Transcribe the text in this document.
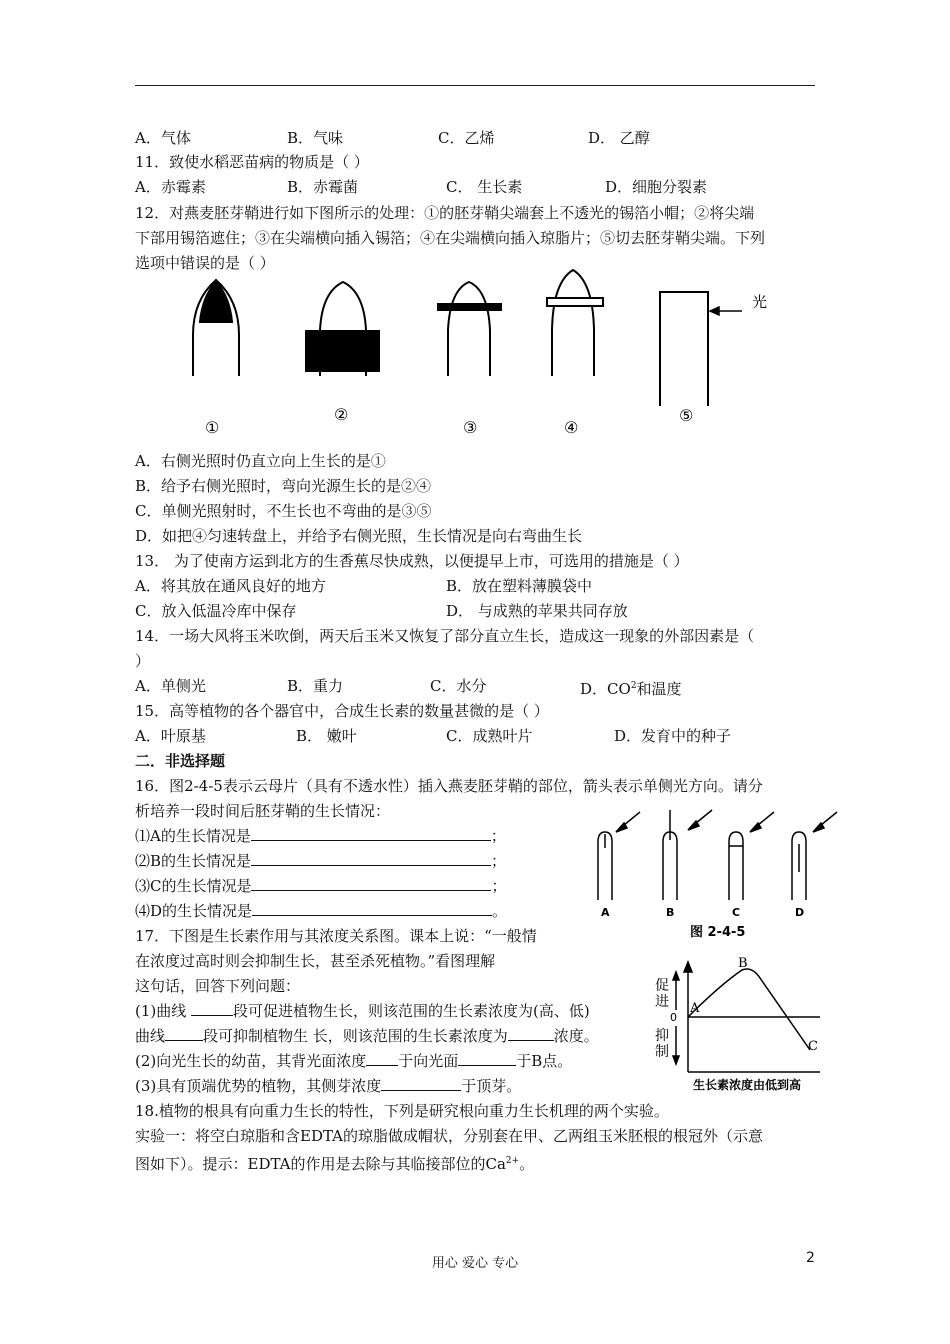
A．气体	B．气味	C．乙烯	D． 乙醇
11．致使水稻恶苗病的物质是（ ）
A．赤霉素	B．赤霉菌	C． 生长素	D．细胞分裂素
12．对燕麦胚芽鞘进行如下图所示的处理：①的胚芽鞘尖端套上不透光的锡箔小帽；②将尖端
下部用锡箔遮住；③在尖端横向插入锡箔；④在尖端横向插入琼脂片；⑤切去胚芽鞘尖端。下列
选项中错误的是（ ）
光
①
②
③	④
⑤
A．右侧光照时仍直立向上生长的是①
B．给予右侧光照时，弯向光源生长的是②④
C．单侧光照射时，不生长也不弯曲的是③⑤
D．如把④匀速转盘上，并给予右侧光照，生长情况是向右弯曲生长
13． 为了使南方运到北方的生香蕉尽快成熟，以便提早上市，可选用的措施是（ ）
A．将其放在通风良好的地方	B．放在塑料薄膜袋中
C．放入低温冷库中保存	D． 与成熟的苹果共同存放
14．一场大风将玉米吹倒，两天后玉米又恢复了部分直立生长，造成这一现象的外部因素是（
）
A．单侧光	B．重力	C．水分	D．$CO^2$和温度
15．高等植物的各个器官中，合成生长素的数量甚微的是（ ）
A．叶原基	B． 嫩叶	C．成熟叶片	D．发育中的种子
二．非选择题
16．图2-4-5表示云母片（具有不透水性）插入燕麦胚芽鞘的部位，箭头表示单侧光方向。请分
析培养一段时间后胚芽鞘的生长情况：
⑴A的生长情况是	；
⑵B的生长情况是	；
⑶C的生长情况是	；
⑷D的生长情况是	。	A	B	C	D
图 2-4-5
17．下图是生长素作用与其浓度关系图。课本上说：“一般情
在浓度过高时则会抑制生长，甚至杀死植物。”看图理解
这句话，回答下列问题：
(1)曲线	段可促进植物生长，则该范围的生长素浓度为(高、低)
曲线	段可抑制植物生 长，则该范围的生长素浓度为	浓度。
(2)向光生长的幼苗，其背光面浓度 于向光面	于B点。
(3)具有顶端优势的植物，其侧芽浓度	于顶芽。
促
进
0
抑
制
A
B
C
生长素浓度由低到高
18.植物的根具有向重力生长的特性，下列是研究根向重力生长机理的两个实验。
实验一：将空白琼脂和含EDTA的琼脂做成帽状，分别套在甲、乙两组玉米胚根的根冠外（示意
图如下）。提示：EDTA的作用是去除与其临接部位的$Ca^{2+}$。
用心 爱心 专心	2
